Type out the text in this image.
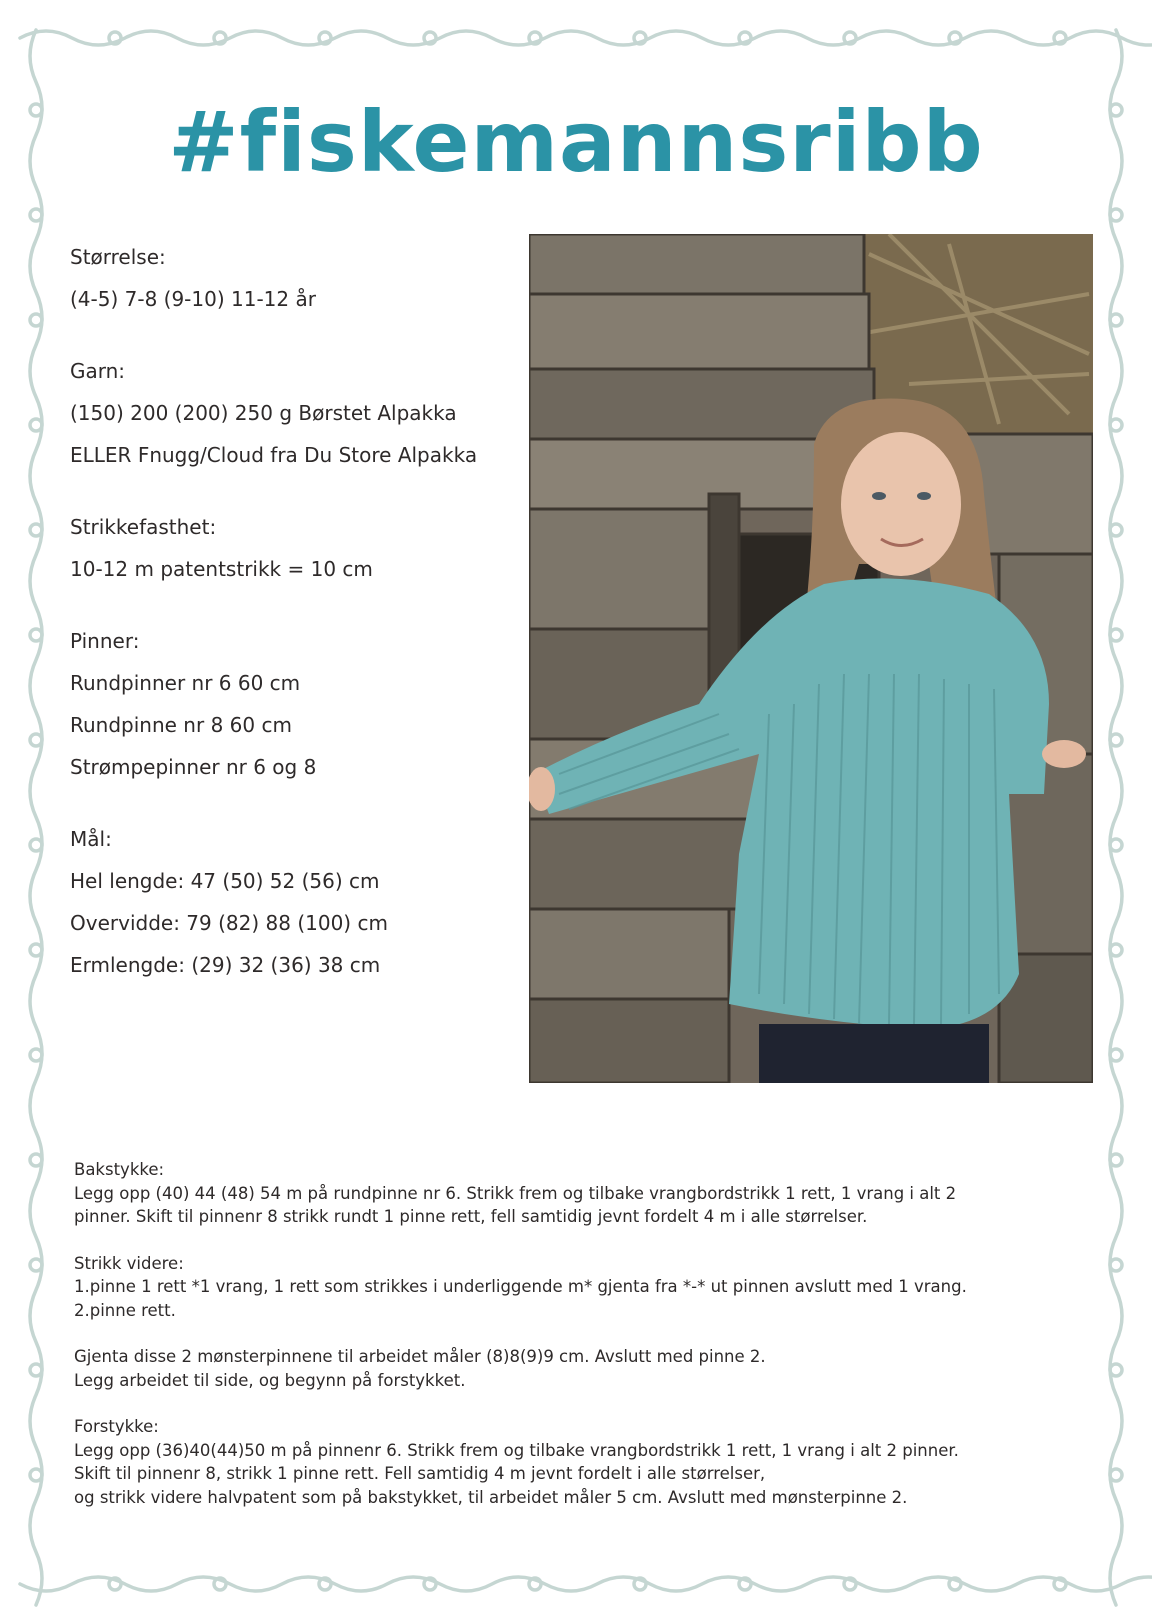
#fiskemannsribb
Størrelse:
(4-5) 7-8 (9-10) 11-12 år
Garn:
(150) 200 (200) 250 g Børstet Alpakka
ELLER Fnugg/Cloud fra Du Store Alpakka
Strikkefasthet:
10-12 m patentstrikk = 10 cm
Pinner:
Rundpinner nr 6 60 cm
Rundpinne nr 8 60 cm
Strømpepinner nr 6 og 8
Mål:
Hel lengde: 47 (50) 52 (56) cm
Overvidde: 79 (82) 88 (100) cm
Ermlengde: (29) 32 (36) 38 cm
Bakstykke:
Legg opp (40) 44 (48) 54 m på rundpinne nr 6. Strikk frem og tilbake vrangbordstrikk 1 rett, 1 vrang i alt 2
pinner. Skift til pinnenr 8 strikk rundt 1 pinne rett, fell samtidig jevnt fordelt 4 m i alle størrelser.
Strikk videre:
1.pinne 1 rett *1 vrang, 1 rett som strikkes i underliggende m* gjenta fra *-* ut pinnen avslutt med 1 vrang.
2.pinne rett.
Gjenta disse 2 mønsterpinnene til arbeidet måler (8)8(9)9 cm. Avslutt med pinne 2.
Legg arbeidet til side, og begynn på forstykket.
Forstykke:
Legg opp (36)40(44)50 m på pinnenr 6. Strikk frem og tilbake vrangbordstrikk 1 rett, 1 vrang i alt 2 pinner.
Skift til pinnenr 8, strikk 1 pinne rett. Fell samtidig 4 m jevnt fordelt i alle størrelser,
og strikk videre halvpatent som på bakstykket, til arbeidet måler 5 cm. Avslutt med mønsterpinne 2.
